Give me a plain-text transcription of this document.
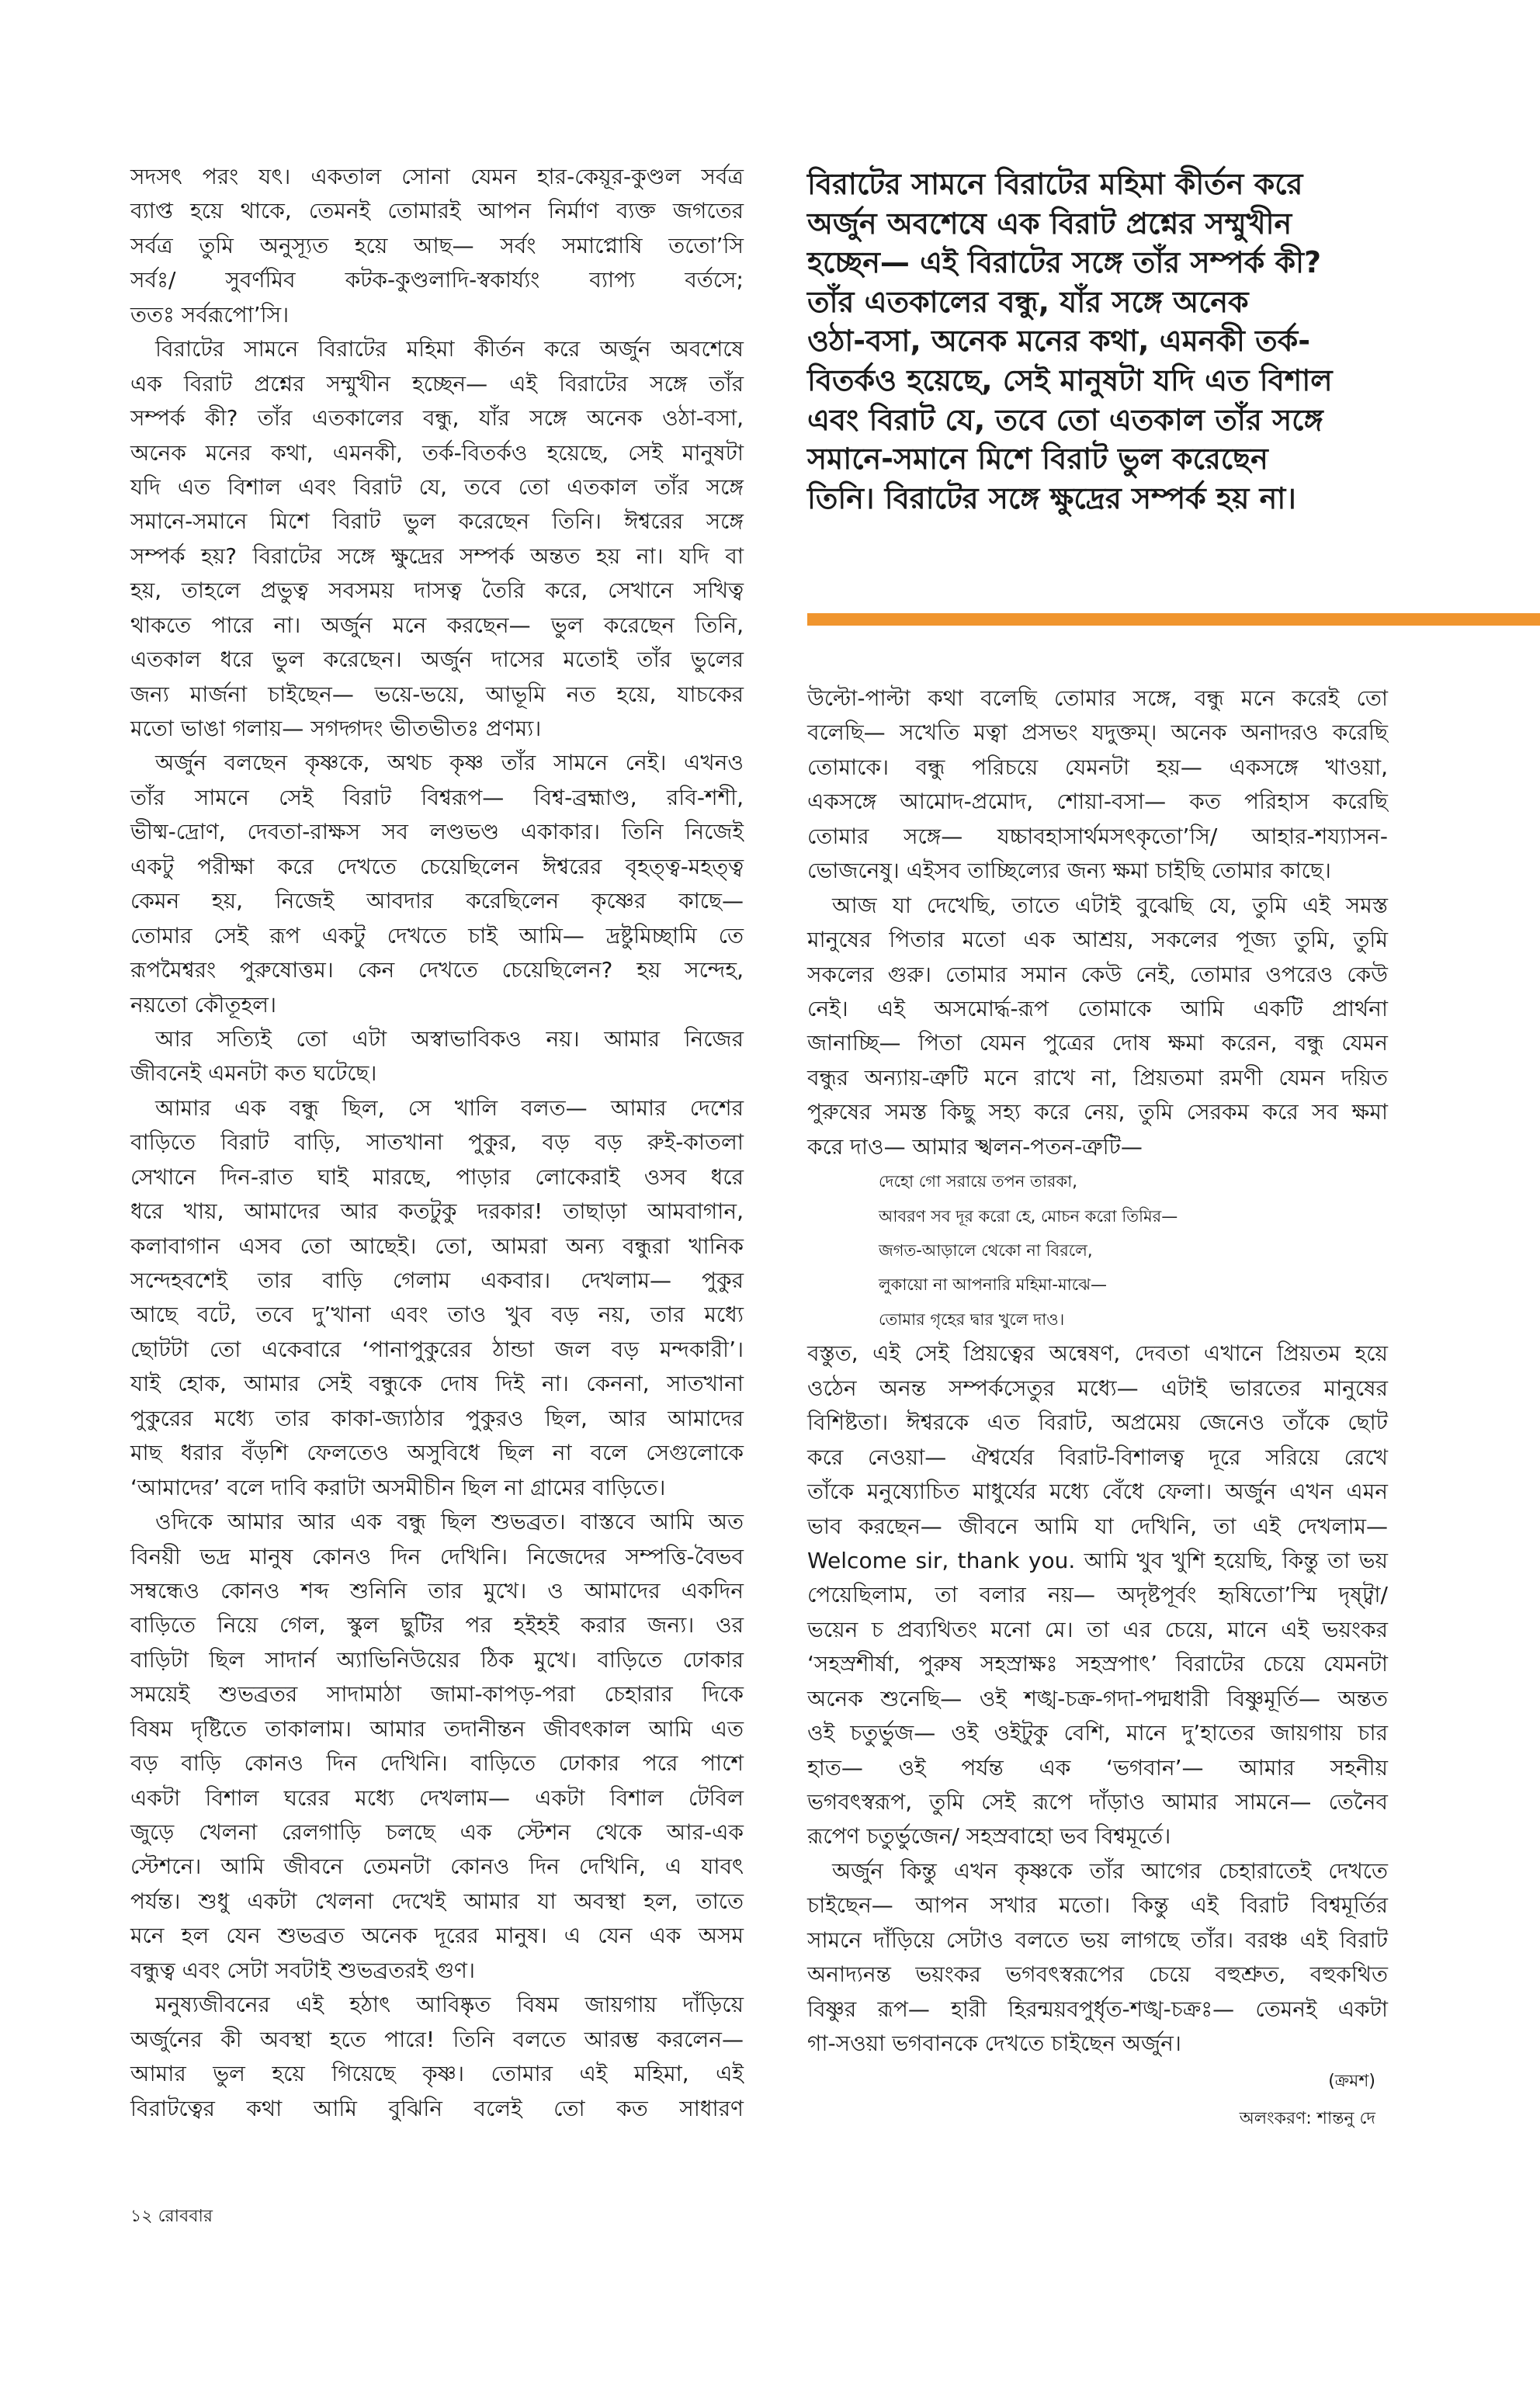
বিরাটের সামনে বিরাটের মহিমা কীর্তন করে
অর্জুন অবশেষে এক বিরাট প্রশ্নের সম্মুখীন
হচ্ছেন— এই বিরাটের সঙ্গে তাঁর সম্পর্ক কী?
তাঁর এতকালের বন্ধু, যাঁর সঙ্গে অনেক
ওঠা-বসা, অনেক মনের কথা, এমনকী তর্ক-
বিতর্কও হয়েছে, সেই মানুষটা যদি এত বিশাল
এবং বিরাট যে, তবে তো এতকাল তাঁর সঙ্গে
সমানে-সমানে মিশে বিরাট ভুল করেছেন
তিনি। বিরাটের সঙ্গে ক্ষুদ্রের সম্পর্ক হয় না।
সদসৎ পরং যৎ। একতাল সোনা যেমন হার-কেয়ূর-কুণ্ডল সর্বত্র
ব্যাপ্ত হয়ে থাকে, তেমনই তোমারই আপন নির্মাণ ব্যক্ত জগতের
সর্বত্র তুমি অনুস্যূত হয়ে আছ— সর্বং সমাপ্নোষি ততো’সি
সর্বঃ/ সুবর্ণমিব কটক-কুণ্ডলাদি-স্বকার্য্যং ব্যাপ্য বর্তসে;
ততঃ সর্বরূপো’সি।
বিরাটের সামনে বিরাটের মহিমা কীর্তন করে অর্জুন অবশেষে
এক বিরাট প্রশ্নের সম্মুখীন হচ্ছেন— এই বিরাটের সঙ্গে তাঁর
সম্পর্ক কী? তাঁর এতকালের বন্ধু, যাঁর সঙ্গে অনেক ওঠা-বসা,
অনেক মনের কথা, এমনকী, তর্ক-বিতর্কও হয়েছে, সেই মানুষটা
যদি এত বিশাল এবং বিরাট যে, তবে তো এতকাল তাঁর সঙ্গে
সমানে-সমানে মিশে বিরাট ভুল করেছেন তিনি। ঈশ্বরের সঙ্গে
সম্পর্ক হয়? বিরাটের সঙ্গে ক্ষুদ্রের সম্পর্ক অন্তত হয় না। যদি বা
হয়, তাহলে প্রভুত্ব সবসময় দাসত্ব তৈরি করে, সেখানে সখিত্ব
থাকতে পারে না। অর্জুন মনে করছেন— ভুল করেছেন তিনি,
এতকাল ধরে ভুল করেছেন। অর্জুন দাসের মতোই তাঁর ভুলের
জন্য মার্জনা চাইছেন— ভয়ে-ভয়ে, আভূমি নত হয়ে, যাচকের
মতো ভাঙা গলায়— সগদ্গদং ভীতভীতঃ প্রণম্য।
অর্জুন বলছেন কৃষ্ণকে, অথচ কৃষ্ণ তাঁর সামনে নেই। এখনও
তাঁর সামনে সেই বিরাট বিশ্বরূপ— বিশ্ব-ব্রহ্মাণ্ড, রবি-শশী,
ভীষ্ম-দ্রোণ, দেবতা-রাক্ষস সব লণ্ডভণ্ড একাকার। তিনি নিজেই
একটু পরীক্ষা করে দেখতে চেয়েছিলেন ঈশ্বরের বৃহত্ত্ব-মহত্ত্ব
কেমন হয়, নিজেই আবদার করেছিলেন কৃষ্ণের কাছে—
তোমার সেই রূপ একটু দেখতে চাই আমি— দ্রষ্টুমিচ্ছামি তে
রূপমৈশ্বরং পুরুষোত্তম। কেন দেখতে চেয়েছিলেন? হয় সন্দেহ,
নয়তো কৌতূহল।
আর সত্যিই তো এটা অস্বাভাবিকও নয়। আমার নিজের
জীবনেই এমনটা কত ঘটেছে।
আমার এক বন্ধু ছিল, সে খালি বলত— আমার দেশের
বাড়িতে বিরাট বাড়ি, সাতখানা পুকুর, বড় বড় রুই-কাতলা
সেখানে দিন-রাত ঘাই মারছে, পাড়ার লোকেরাই ওসব ধরে
ধরে খায়, আমাদের আর কতটুকু দরকার! তাছাড়া আমবাগান,
কলাবাগান এসব তো আছেই। তো, আমরা অন্য বন্ধুরা খানিক
সন্দেহবশেই তার বাড়ি গেলাম একবার। দেখলাম— পুকুর
আছে বটে, তবে দু’খানা এবং তাও খুব বড় নয়, তার মধ্যে
ছোটটা তো একেবারে ‘পানাপুকুরের ঠান্ডা জল বড় মন্দকারী’।
যাই হোক, আমার সেই বন্ধুকে দোষ দিই না। কেননা, সাতখানা
পুকুরের মধ্যে তার কাকা-জ্যাঠার পুকুরও ছিল, আর আমাদের
মাছ ধরার বঁড়শি ফেলতেও অসুবিধে ছিল না বলে সেগুলোকে
‘আমাদের’ বলে দাবি করাটা অসমীচীন ছিল না গ্রামের বাড়িতে।
ওদিকে আমার আর এক বন্ধু ছিল শুভব্রত। বাস্তবে আমি অত
বিনয়ী ভদ্র মানুষ কোনও দিন দেখিনি। নিজেদের সম্পত্তি-বৈভব
সম্বন্ধেও কোনও শব্দ শুনিনি তার মুখে। ও আমাদের একদিন
বাড়িতে নিয়ে গেল, স্কুল ছুটির পর হইহই করার জন্য। ওর
বাড়িটা ছিল সাদার্ন অ্যাভিনিউয়ের ঠিক মুখে। বাড়িতে ঢোকার
সময়েই শুভব্রতর সাদামাঠা জামা-কাপড়-পরা চেহারার দিকে
বিষম দৃষ্টিতে তাকালাম। আমার তদানীন্তন জীবৎকাল আমি এত
বড় বাড়ি কোনও দিন দেখিনি। বাড়িতে ঢোকার পরে পাশে
একটা বিশাল ঘরের মধ্যে দেখলাম— একটা বিশাল টেবিল
জুড়ে খেলনা রেলগাড়ি চলছে এক স্টেশন থেকে আর-এক
স্টেশনে। আমি জীবনে তেমনটা কোনও দিন দেখিনি, এ যাবৎ
পর্যন্ত। শুধু একটা খেলনা দেখেই আমার যা অবস্থা হল, তাতে
মনে হল যেন শুভব্রত অনেক দূরের মানুষ। এ যেন এক অসম
বন্ধুত্ব এবং সেটা সবটাই শুভব্রতরই গুণ।
মনুষ্যজীবনের এই হঠাৎ আবিষ্কৃত বিষম জায়গায় দাঁড়িয়ে
অর্জুনের কী অবস্থা হতে পারে! তিনি বলতে আরম্ভ করলেন—
আমার ভুল হয়ে গিয়েছে কৃষ্ণ। তোমার এই মহিমা, এই
বিরাটত্বের কথা আমি বুঝিনি বলেই তো কত সাধারণ
উল্টো-পাল্টা কথা বলেছি তোমার সঙ্গে, বন্ধু মনে করেই তো
বলেছি— সখেতি মত্বা প্রসভং যদুক্তম্। অনেক অনাদরও করেছি
তোমাকে। বন্ধু পরিচয়ে যেমনটা হয়— একসঙ্গে খাওয়া,
একসঙ্গে আমোদ-প্রমোদ, শোয়া-বসা— কত পরিহাস করেছি
তোমার সঙ্গে— যচ্চাবহাসার্থমসৎকৃতো’সি/ আহার-শয্যাসন-
ভোজনেষু। এইসব তাচ্ছিল্যের জন্য ক্ষমা চাইছি তোমার কাছে।
আজ যা দেখেছি, তাতে এটাই বুঝেছি যে, তুমি এই সমস্ত
মানুষের পিতার মতো এক আশ্রয়, সকলের পূজ্য তুমি, তুমি
সকলের গুরু। তোমার সমান কেউ নেই, তোমার ওপরেও কেউ
নেই। এই অসমোর্দ্ধ-রূপ তোমাকে আমি একটি প্রার্থনা
জানাচ্ছি— পিতা যেমন পুত্রের দোষ ক্ষমা করেন, বন্ধু যেমন
বন্ধুর অন্যায়-ত্রুটি মনে রাখে না, প্রিয়তমা রমণী যেমন দয়িত
পুরুষের সমস্ত কিছু সহ্য করে নেয়, তুমি সেরকম করে সব ক্ষমা
করে দাও— আমার স্খলন-পতন-ত্রুটি—
দেহো গো সরায়ে তপন তারকা,
আবরণ সব দূর করো হে, মোচন করো তিমির—
জগত-আড়ালে থেকো না বিরলে,
লুকায়ো না আপনারি মহিমা-মাঝে—
তোমার গৃহের দ্বার খুলে দাও।
বস্তুত, এই সেই প্রিয়ত্বের অন্বেষণ, দেবতা এখানে প্রিয়তম হয়ে
ওঠেন অনন্ত সম্পর্কসেতুর মধ্যে— এটাই ভারতের মানুষের
বিশিষ্টতা। ঈশ্বরকে এত বিরাট, অপ্রমেয় জেনেও তাঁকে ছোট
করে নেওয়া— ঐশ্বর্যের বিরাট-বিশালত্ব দূরে সরিয়ে রেখে
তাঁকে মনুষ্যোচিত মাধুর্যের মধ্যে বেঁধে ফেলা। অর্জুন এখন এমন
ভাব করছেন— জীবনে আমি যা দেখিনি, তা এই দেখলাম—
Welcome sir, thank you. আমি খুব খুশি হয়েছি, কিন্তু তা ভয়
পেয়েছিলাম, তা বলার নয়— অদৃষ্টপূর্বং হৃষিতো’স্মি দৃষ্ট্বা/
ভয়েন চ প্রব্যথিতং মনো মে। তা এর চেয়ে, মানে এই ভয়ংকর
‘সহস্রশীর্ষা, পুরুষ সহস্রাক্ষঃ সহস্রপাৎ’ বিরাটের চেয়ে যেমনটা
অনেক শুনেছি— ওই শঙ্খ-চক্র-গদা-পদ্মধারী বিষ্ণুমূর্তি— অন্তত
ওই চতুর্ভুজ— ওই ওইটুকু বেশি, মানে দু’হাতের জায়গায় চার
হাত— ওই পর্যন্ত এক ‘ভগবান’— আমার সহনীয়
ভগবৎস্বরূপ, তুমি সেই রূপে দাঁড়াও আমার সামনে— তেনৈব
রূপেণ চতুর্ভুজেন/ সহস্রবাহো ভব বিশ্বমূর্তে।
অর্জুন কিন্তু এখন কৃষ্ণকে তাঁর আগের চেহারাতেই দেখতে
চাইছেন— আপন সখার মতো। কিন্তু এই বিরাট বিশ্বমূর্তির
সামনে দাঁড়িয়ে সেটাও বলতে ভয় লাগছে তাঁর। বরঞ্চ এই বিরাট
অনাদ্যনন্ত ভয়ংকর ভগবৎস্বরূপের চেয়ে বহুশ্রুত, বহুকথিত
বিষ্ণুর রূপ— হারী হিরন্ময়বপুর্ধৃত-শঙ্খ-চক্রঃ— তেমনই একটা
গা-সওয়া ভগবানকে দেখতে চাইছেন অর্জুন।
(ক্রমশ)
অলংকরণ: শান্তনু দে
১২ রোববার
